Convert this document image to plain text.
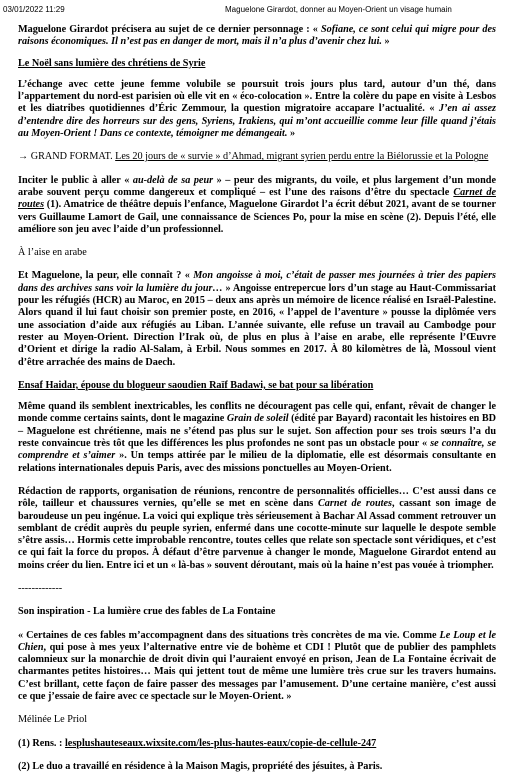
03/01/2022 11:29	Maguelone Girardot, donner au Moyen-Orient un visage humain

Maguelone Girardot précisera au sujet de ce dernier personnage : « Sofiane, ce sont celui qui migre pour des raisons économiques. Il n’est pas en danger de mort, mais il n’a plus d’avenir chez lui. »

Le Noël sans lumière des chrétiens de Syrie

L’échange avec cette jeune femme volubile se poursuit trois jours plus tard, autour d’un thé, dans l’appartement du nord-est parisien où elle vit en « éco-colocation ». Entre la colère du pape en visite à Lesbos et les diatribes quotidiennes d’Éric Zemmour, la question migratoire accapare l’actualité. « J’en ai assez d’entendre dire des horreurs sur des gens, Syriens, Irakiens, qui m’ont accueillie comme leur fille quand j’étais au Moyen-Orient ! Dans ce contexte, témoigner me démangeait. »

→ GRAND FORMAT. Les 20 jours de « survie » d’Ahmad, migrant syrien perdu entre la Biélorussie et la Pologne

Inciter le public à aller « au-delà de sa peur » – peur des migrants, du voile, et plus largement d’un monde arabe souvent perçu comme dangereux et compliqué – est l’une des raisons d’être du spectacle Carnet de routes (1). Amatrice de théâtre depuis l’enfance, Maguelone Girardot l’a écrit début 2021, avant de se tourner vers Guillaume Lamort de Gail, une connaissance de Sciences Po, pour la mise en scène (2). Depuis l’été, elle améliore son jeu avec l’aide d’un professionnel.

À l’aise en arabe

Et Maguelone, la peur, elle connaît ? « Mon angoisse à moi, c’était de passer mes journées à trier des papiers dans des archives sans voir la lumière du jour… » Angoisse entrepercue lors d’un stage au Haut-Commissariat pour les réfugiés (HCR) au Maroc, en 2015 – deux ans après un mémoire de licence réalisé en Israël-Palestine. Alors quand il lui faut choisir son premier poste, en 2016, « l’appel de l’aventure » pousse la diplômée vers une association d’aide aux réfugiés au Liban. L’année suivante, elle refuse un travail au Cambodge pour rester au Moyen-Orient. Direction l’Irak où, de plus en plus à l’aise en arabe, elle représente l’Œuvre d’Orient et dirige la radio Al-Salam, à Erbil. Nous sommes en 2017. À 80 kilomètres de là, Mossoul vient d’être arrachée des mains de Daech.

Ensaf Haidar, épouse du blogueur saoudien Raïf Badawi, se bat pour sa libération

Même quand ils semblent inextricables, les conflits ne découragent pas celle qui, enfant, rêvait de changer le monde comme certains saints, dont le magazine Grain de soleil (édité par Bayard) racontait les histoires en BD – Maguelone est chrétienne, mais ne s’étend pas plus sur le sujet. Son affection pour ses trois sœurs l’a du reste convaincue très tôt que les différences les plus profondes ne sont pas un obstacle pour « se connaître, se comprendre et s’aimer ». Un temps attirée par le milieu de la diplomatie, elle est désormais consultante en relations internationales depuis Paris, avec des missions ponctuelles au Moyen-Orient.

Rédaction de rapports, organisation de réunions, rencontre de personnalités officielles… C’est aussi dans ce rôle, tailleur et chaussures vernies, qu’elle se met en scène dans Carnet de routes, cassant son image de baroudeuse un peu ingénue. La voici qui explique très sérieusement à Bachar Al Assad comment retrouver un semblant de crédit auprès du peuple syrien, enfermé dans une cocotte-minute sur laquelle le despote semble s’être assis… Hormis cette improbable rencontre, toutes celles que relate son spectacle sont véridiques, et c’est ce qui fait la force du propos. À défaut d’être parvenue à changer le monde, Maguelone Girardot entend au moins créer du lien. Entre ici et un « là-bas » souvent déroutant, mais où la haine n’est pas vouée à triompher.

-------------

Son inspiration - La lumière crue des fables de La Fontaine

« Certaines de ces fables m’accompagnent dans des situations très concrètes de ma vie. Comme Le Loup et le Chien, qui pose à mes yeux l’alternative entre vie de bohème et CDI ! Plutôt que de publier des pamphlets calomnieux sur la monarchie de droit divin qui l’auraient envoyé en prison, Jean de La Fontaine écrivait de charmantes petites histoires… Mais qui jettent tout de même une lumière très crue sur les travers humains. C’est brillant, cette façon de faire passer des messages par l’amusement. D’une certaine manière, c’est aussi ce que j’essaie de faire avec ce spectacle sur le Moyen-Orient. »

Mélinée Le Priol

(1) Rens. : lesplushauteseaux.wixsite.com/les-plus-hautes-eaux/copie-de-cellule-247

(2) Le duo a travaillé en résidence à la Maison Magis, propriété des jésuites, à Paris.
